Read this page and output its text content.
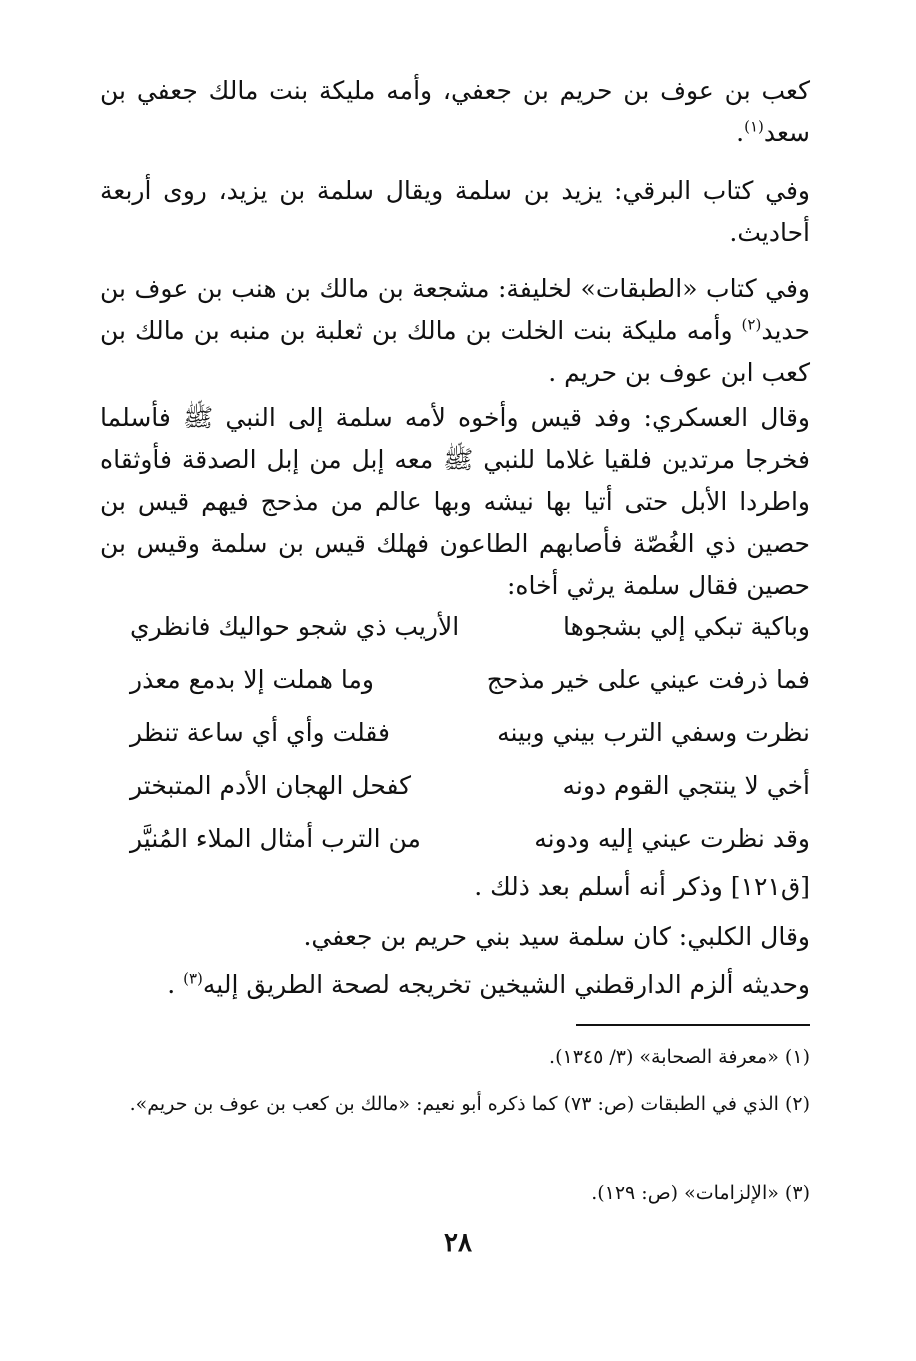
كعب بن عوف بن حريم بن جعفي، وأمه مليكة بنت مالك جعفي بن سعد$^{(١)}$.
وفي كتاب البرقي: يزيد بن سلمة ويقال سلمة بن يزيد، روى أربعة أحاديث.
وفي كتاب «الطبقات» لخليفة: مشجعة بن مالك بن هنب بن عوف بن حديد$^{(٢)}$ وأمه مليكة بنت الخلت بن مالك بن ثعلبة بن منبه بن مالك بن كعب ابن عوف بن حريم .
وقال العسكري: وفد قيس وأخوه لأمه سلمة إلى النبي ﷺ فأسلما فخرجا مرتدين فلقيا غلاما للنبي ﷺ معه إبل من إبل الصدقة فأوثقاه واطردا الأبل حتى أتيا بها نيشه وبها عالم من مذحج فيهم قيس بن حصين ذي الغُصّة فأصابهم الطاعون فهلك قيس بن سلمة وقيس بن حصين فقال سلمة يرثي أخاه:
وباكية تبكي إلي بشجوها
الأريب ذي شجو حواليك فانظري
فما ذرفت عيني على خير مذحج
وما هملت إلا بدمع معذر
نظرت وسفي الترب بيني وبينه
فقلت وأي أي ساعة تنظر
أخي لا ينتجي القوم دونه
كفحل الهجان الأدم المتبختر
وقد نظرت عيني إليه ودونه
من الترب أمثال الملاء المُنيَّر
[ق١٢١] وذكر أنه أسلم بعد ذلك .
وقال الكلبي: كان سلمة سيد بني حريم بن جعفي.
وحديثه ألزم الدارقطني الشيخين تخريجه لصحة الطريق إليه$^{(٣)}$ .
(١) «معرفة الصحابة» (٣/ ١٣٤٥).
(٢) الذي في الطبقات (ص: ٧٣) كما ذكره أبو نعيم: «مالك بن كعب بن عوف بن حريم».
(٣) «الإلزامات» (ص: ١٢٩).
٢٨
